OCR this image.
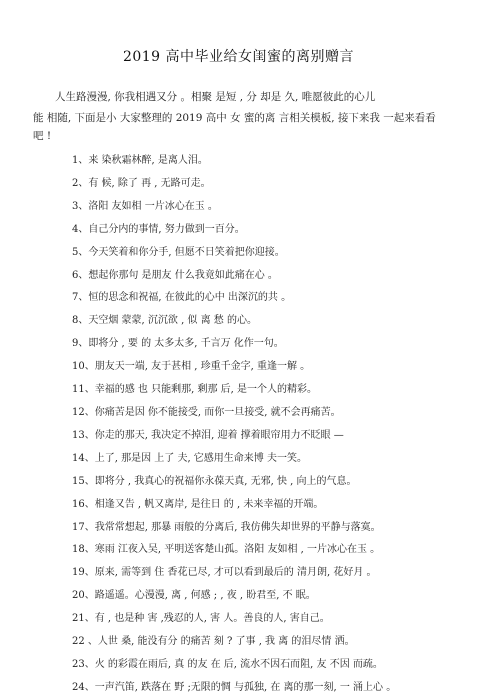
2019 高中毕业给女闺蜜的离别赠言

人生路漫漫, 你我相遇又分 。相聚 是短 , 分 却是 久, 唯愿彼此的心儿

能 相随, 下面是小 大家整理的 2019 高中 女 蜜的离 言相关模板, 接下来我 一起来看看吧 !

1、来 染秋霜林醉, 是离人泪。
2、有 候, 除了 再 , 无路可走。
3、洛阳 友如相 一片冰心在玉 。
4、自己分内的事情, 努力做到一百分。
5、今天笑着和你分手, 但愿不日笑着把你迎接。
6、想起你那句 是朋友 什么我竟如此痛在心 。
7、恒的思念和祝福, 在彼此的心中 出深沉的共 。
8、天空烟 蒙蒙, 沉沉欲 , 似 离 愁 的心。
9、即将分 , 要 的 太多太多, 千言万 化作一句。
10、朋友天一端, 友于甚相 , 珍重千金字, 重逢一解 。
11、幸福的感 也 只能剩那, 剩那 后, 是一个人的精彩。
12、你痛苦是因 你不能接受, 而你一旦接受, 就不会再痛苦。
13、你走的那天, 我决定不掉泪, 迎着 撑着眼帘用力不眨眼 —
14、上了, 那是因 上了 夫, 它感用生命来博 夫一笑。
15、即将分 , 我真心的祝福你永葆天真, 无邪, 快 , 向上的气息。
16、相逢又告 , 帆又离岸, 是往日 的 , 未来幸福的开端。
17、我常常想起, 那暴 雨般的分离后, 我仿佛失却世界的平静与落寞。
18、寒雨 江夜入吴, 平明送客楚山孤。洛阳 友如相 , 一片冰心在玉 。
19、原来, 需等到 住 香花已尽, 才可以看到最后的 清月朗, 花好月 。
20、路遥遥。心漫漫, 离 , 何感 ; , 夜 , 盼君至, 不 眠。
21、有 , 也是种 害 ,残忍的人, 害 人。善良的人, 害自己。
22 、人世 桑, 能没有分 的痛苦 刻 ? 了事 , 我 离 的泪尽情 洒。
23、火 的彩霞在雨后, 真 的友 在 后, 流水不因石而阻, 友 不因 而疏。
24、一声汽笛, 跌落在 野 ;无限的惆 与孤独, 在 离的那一刻, 一 涌上心 。
